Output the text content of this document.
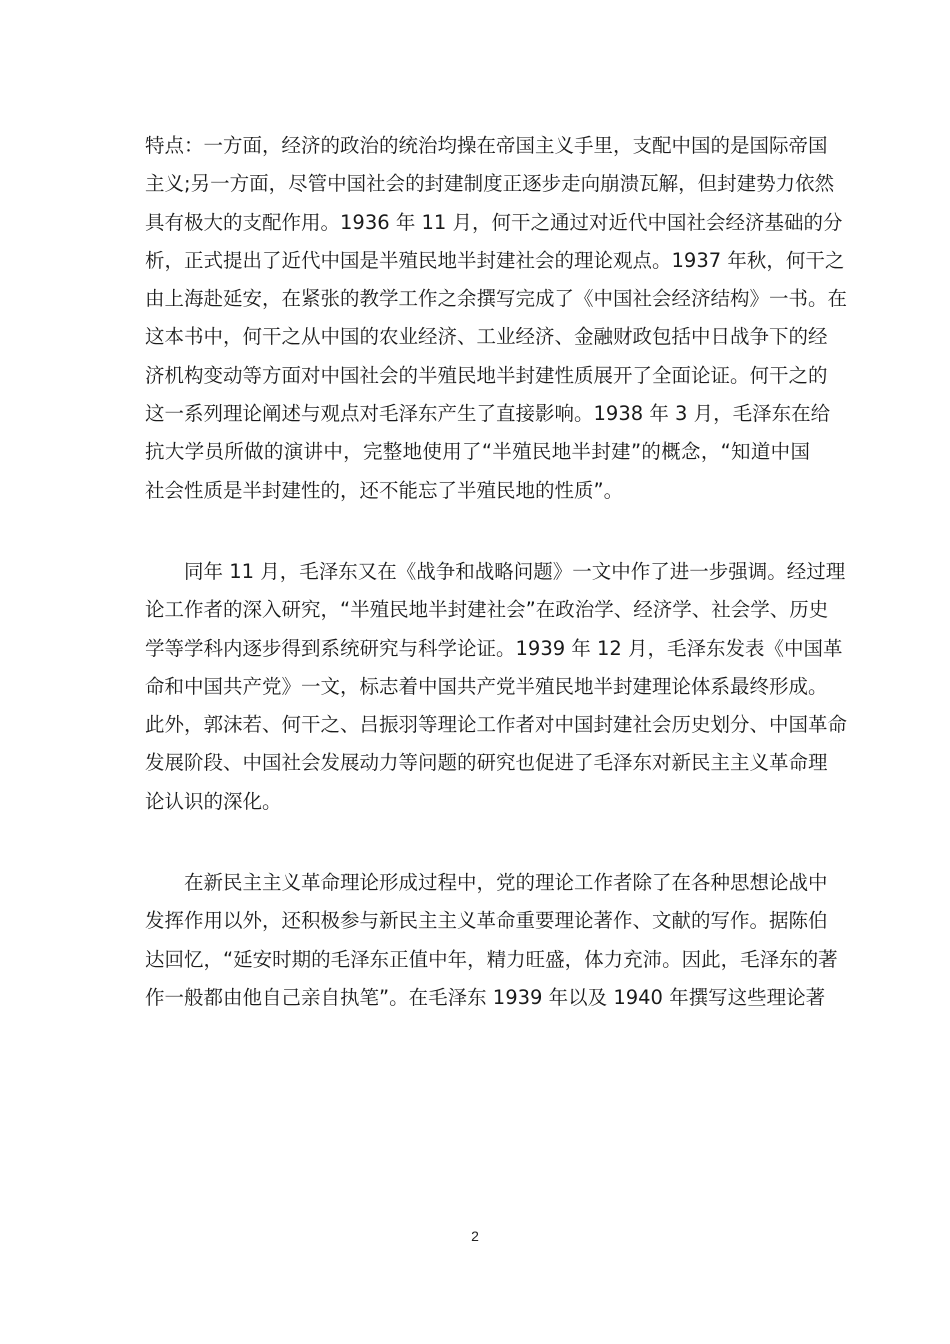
特点：一方面，经济的政治的统治均操在帝国主义手里，支配中国的是国际帝国
主义;另一方面，尽管中国社会的封建制度正逐步走向崩溃瓦解，但封建势力依然
具有极大的支配作用。1936 年 11 月，何干之通过对近代中国社会经济基础的分
析，正式提出了近代中国是半殖民地半封建社会的理论观点。1937 年秋，何干之
由上海赴延安，在紧张的教学工作之余撰写完成了《中国社会经济结构》一书。在
这本书中，何干之从中国的农业经济、工业经济、金融财政包括中日战争下的经
济机构变动等方面对中国社会的半殖民地半封建性质展开了全面论证。何干之的
这一系列理论阐述与观点对毛泽东产生了直接影响。1938 年 3 月，毛泽东在给
抗大学员所做的演讲中，完整地使用了“半殖民地半封建”的概念，“知道中国
社会性质是半封建性的，还不能忘了半殖民地的性质”。
同年 11 月，毛泽东又在《战争和战略问题》一文中作了进一步强调。经过理
论工作者的深入研究，“半殖民地半封建社会”在政治学、经济学、社会学、历史
学等学科内逐步得到系统研究与科学论证。1939 年 12 月，毛泽东发表《中国革
命和中国共产党》一文，标志着中国共产党半殖民地半封建理论体系最终形成。
此外，郭沫若、何干之、吕振羽等理论工作者对中国封建社会历史划分、中国革命
发展阶段、中国社会发展动力等问题的研究也促进了毛泽东对新民主主义革命理
论认识的深化。
在新民主主义革命理论形成过程中，党的理论工作者除了在各种思想论战中
发挥作用以外，还积极参与新民主主义革命重要理论著作、文献的写作。据陈伯
达回忆，“延安时期的毛泽东正值中年，精力旺盛，体力充沛。因此，毛泽东的著
作一般都由他自己亲自执笔”。在毛泽东 1939 年以及 1940 年撰写这些理论著
2
